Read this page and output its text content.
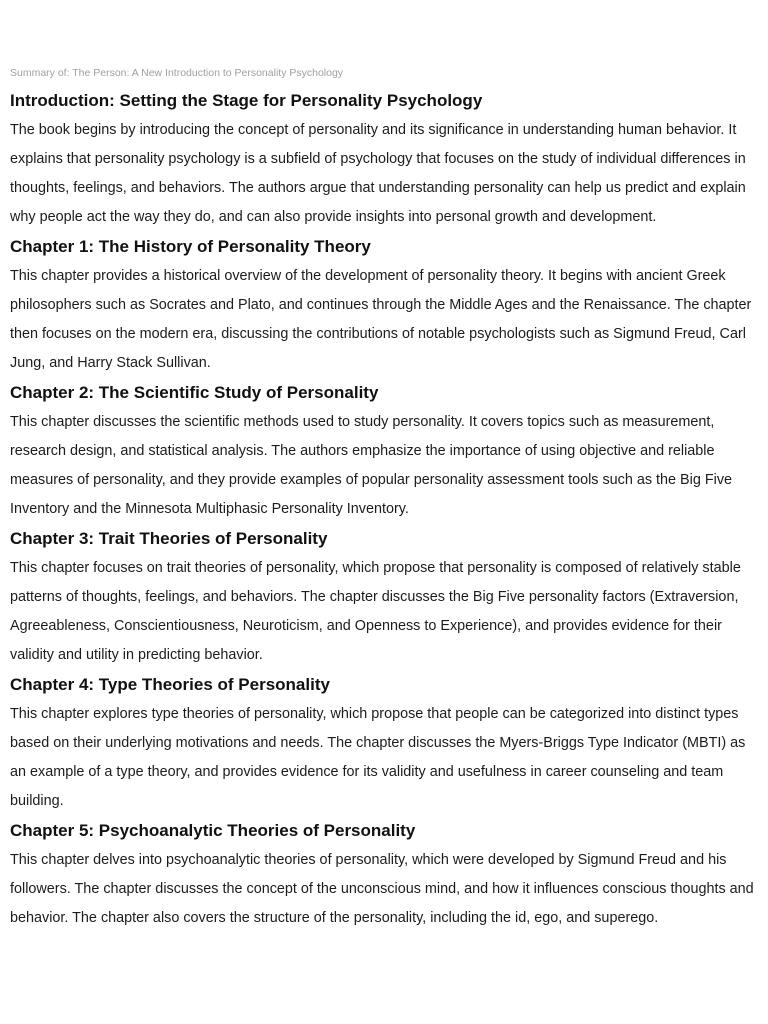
Summary of: The Person: A New Introduction to Personality Psychology
Introduction: Setting the Stage for Personality Psychology

The book begins by introducing the concept of personality and its significance in understanding human behavior. It explains that personality psychology is a subfield of psychology that focuses on the study of individual differences in thoughts, feelings, and behaviors. The authors argue that understanding personality can help us predict and explain why people act the way they do, and can also provide insights into personal growth and development.

Chapter 1: The History of Personality Theory

This chapter provides a historical overview of the development of personality theory. It begins with ancient Greek philosophers such as Socrates and Plato, and continues through the Middle Ages and the Renaissance. The chapter then focuses on the modern era, discussing the contributions of notable psychologists such as Sigmund Freud, Carl Jung, and Harry Stack Sullivan.

Chapter 2: The Scientific Study of Personality

This chapter discusses the scientific methods used to study personality. It covers topics such as measurement, research design, and statistical analysis. The authors emphasize the importance of using objective and reliable measures of personality, and they provide examples of popular personality assessment tools such as the Big Five Inventory and the Minnesota Multiphasic Personality Inventory.

Chapter 3: Trait Theories of Personality

This chapter focuses on trait theories of personality, which propose that personality is composed of relatively stable patterns of thoughts, feelings, and behaviors. The chapter discusses the Big Five personality factors (Extraversion, Agreeableness, Conscientiousness, Neuroticism, and Openness to Experience), and provides evidence for their validity and utility in predicting behavior.

Chapter 4: Type Theories of Personality

This chapter explores type theories of personality, which propose that people can be categorized into distinct types based on their underlying motivations and needs. The chapter discusses the Myers-Briggs Type Indicator (MBTI) as an example of a type theory, and provides evidence for its validity and usefulness in career counseling and team building.

Chapter 5: Psychoanalytic Theories of Personality

This chapter delves into psychoanalytic theories of personality, which were developed by Sigmund Freud and his followers. The chapter discusses the concept of the unconscious mind, and how it influences conscious thoughts and behavior. The chapter also covers the structure of the personality, including the id, ego, and superego.
